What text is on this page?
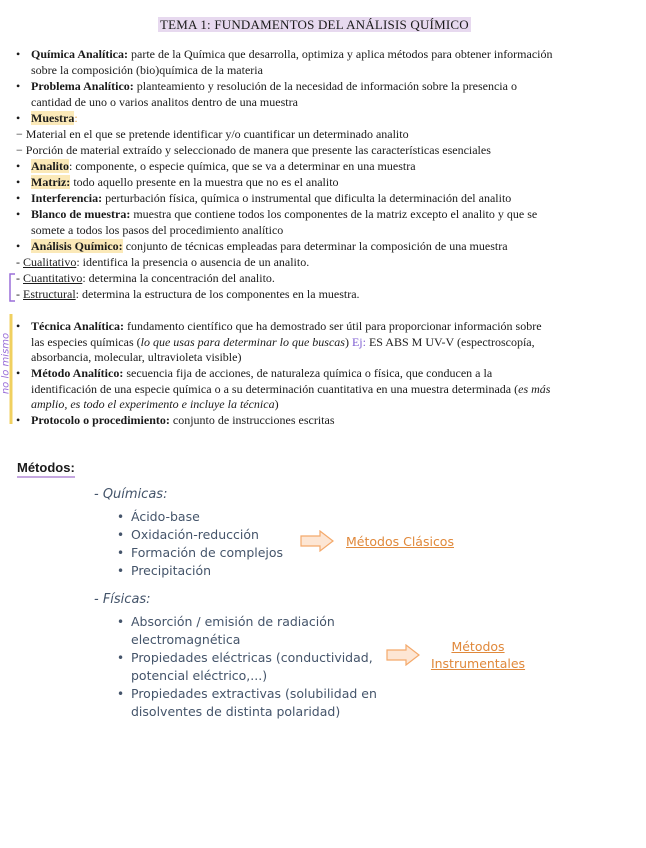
TEMA 1: FUNDAMENTOS DEL ANÁLISIS QUÍMICO
• Química Analítica: parte de la Química que desarrolla, optimiza y aplica métodos para obtener información
sobre la composición (bio)química de la materia
• Problema Analítico: planteamiento y resolución de la necesidad de información sobre la presencia o
cantidad de uno o varios analitos dentro de una muestra
• Muestra:
− Material en el que se pretende identificar y/o cuantificar un determinado analito
− Porción de material extraído y seleccionado de manera que presente las características esenciales
• Analito: componente, o especie química, que se va a determinar en una muestra
• Matriz: todo aquello presente en la muestra que no es el analito
• Interferencia: perturbación física, química o instrumental que dificulta la determinación del analito
• Blanco de muestra: muestra que contiene todos los componentes de la matriz excepto el analito y que se
somete a todos los pasos del procedimiento analítico
• Análisis Químico: conjunto de técnicas empleadas para determinar la composición de una muestra
- Cualitativo: identifica la presencia o ausencia de un analito.
- Cuantitativo: determina la concentración del analito.
- Estructural: determina la estructura de los componentes en la muestra.
no lo mismo
• Técnica Analítica: fundamento científico que ha demostrado ser útil para proporcionar información sobre
las especies químicas (lo que usas para determinar lo que buscas) Ej: ES ABS M UV-V (espectroscopía,
absorbancia, molecular, ultravioleta visible)
• Método Analítico: secuencia fija de acciones, de naturaleza química o física, que conducen a la
identificación de una especie química o a su determinación cuantitativa en una muestra determinada (es más
amplio, es todo el experimento e incluye la técnica)
• Protocolo o procedimiento: conjunto de instrucciones escritas
Métodos:
- Químicas:
• Ácido-base
• Oxidación-reducción
• Formación de complejos
• Precipitación
Métodos Clásicos
- Físicas:
• Absorción / emisión de radiación
electromagnética
• Propiedades eléctricas (conductividad,
potencial eléctrico,...)
• Propiedades extractivas (solubilidad en
disolventes de distinta polaridad)
Métodos
Instrumentales
